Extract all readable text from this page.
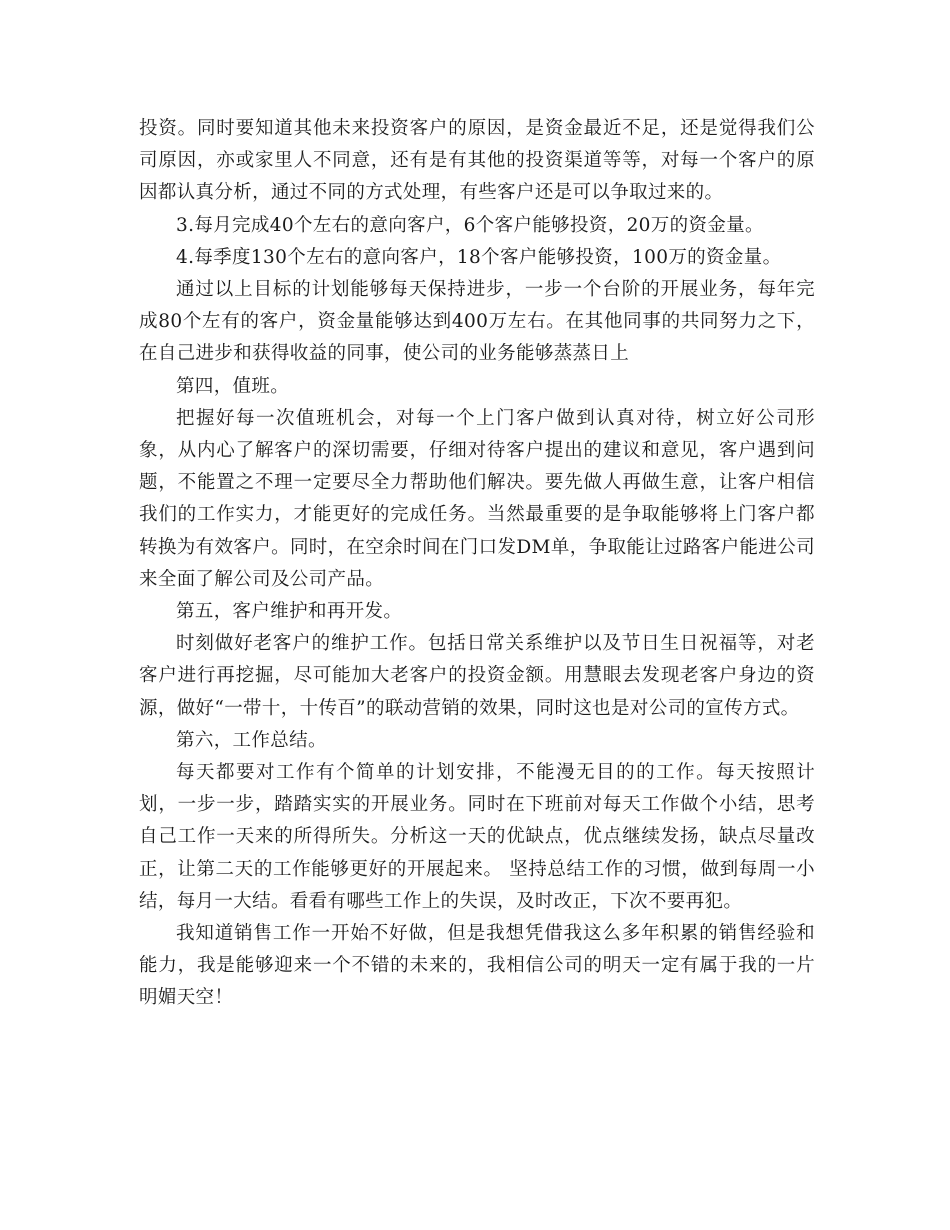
投资。同时要知道其他未来投资客户的原因，是资金最近不足，还是觉得我们公司原因，亦或家里人不同意，还有是有其他的投资渠道等等，对每一个客户的原因都认真分析，通过不同的方式处理，有些客户还是可以争取过来的。

3.每月完成40个左右的意向客户，6个客户能够投资，20万的资金量。

4.每季度130个左右的意向客户，18个客户能够投资，100万的资金量。

通过以上目标的计划能够每天保持进步，一步一个台阶的开展业务，每年完成80个左有的客户，资金量能够达到400万左右。在其他同事的共同努力之下，在自己进步和获得收益的同事，使公司的业务能够蒸蒸日上

第四，值班。

把握好每一次值班机会，对每一个上门客户做到认真对待，树立好公司形象，从内心了解客户的深切需要，仔细对待客户提出的建议和意见，客户遇到问题，不能置之不理一定要尽全力帮助他们解决。要先做人再做生意，让客户相信我们的工作实力，才能更好的完成任务。当然最重要的是争取能够将上门客户都转换为有效客户。同时，在空余时间在门口发DM单，争取能让过路客户能进公司来全面了解公司及公司产品。

第五，客户维护和再开发。

时刻做好老客户的维护工作。包括日常关系维护以及节日生日祝福等，对老客户进行再挖掘，尽可能加大老客户的投资金额。用慧眼去发现老客户身边的资源，做好“一带十，十传百”的联动营销的效果，同时这也是对公司的宣传方式。

第六，工作总结。

每天都要对工作有个简单的计划安排，不能漫无目的的工作。每天按照计划，一步一步，踏踏实实的开展业务。同时在下班前对每天工作做个小结，思考自己工作一天来的所得所失。分析这一天的优缺点，优点继续发扬，缺点尽量改正，让第二天的工作能够更好的开展起来。 坚持总结工作的习惯，做到每周一小结，每月一大结。看看有哪些工作上的失误，及时改正，下次不要再犯。

我知道销售工作一开始不好做，但是我想凭借我这么多年积累的销售经验和能力，我是能够迎来一个不错的未来的，我相信公司的明天一定有属于我的一片明媚天空！
